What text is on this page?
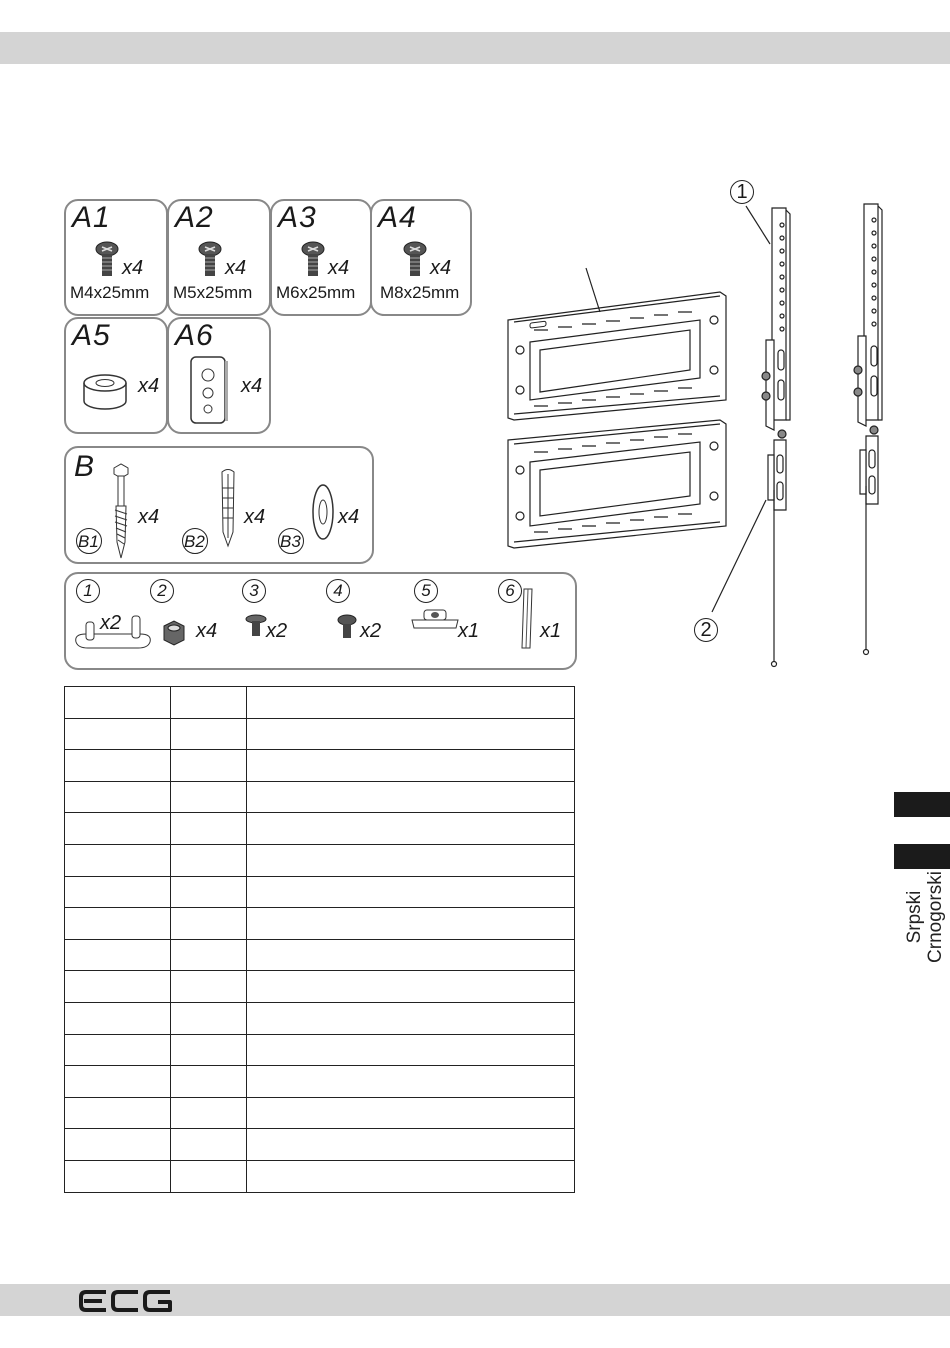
A1
x4
M4x25mm
A2
x4
M5x25mm
A3
x4
M6x25mm
A4
x4
M8x25mm
A5
x4
A6
x4
B
x4
B1
x4
B2
x4
B3
1
x2
2
x4
3
x2
4
x2
5
x1
6
x1
1
2

Srpski Crnogorski
